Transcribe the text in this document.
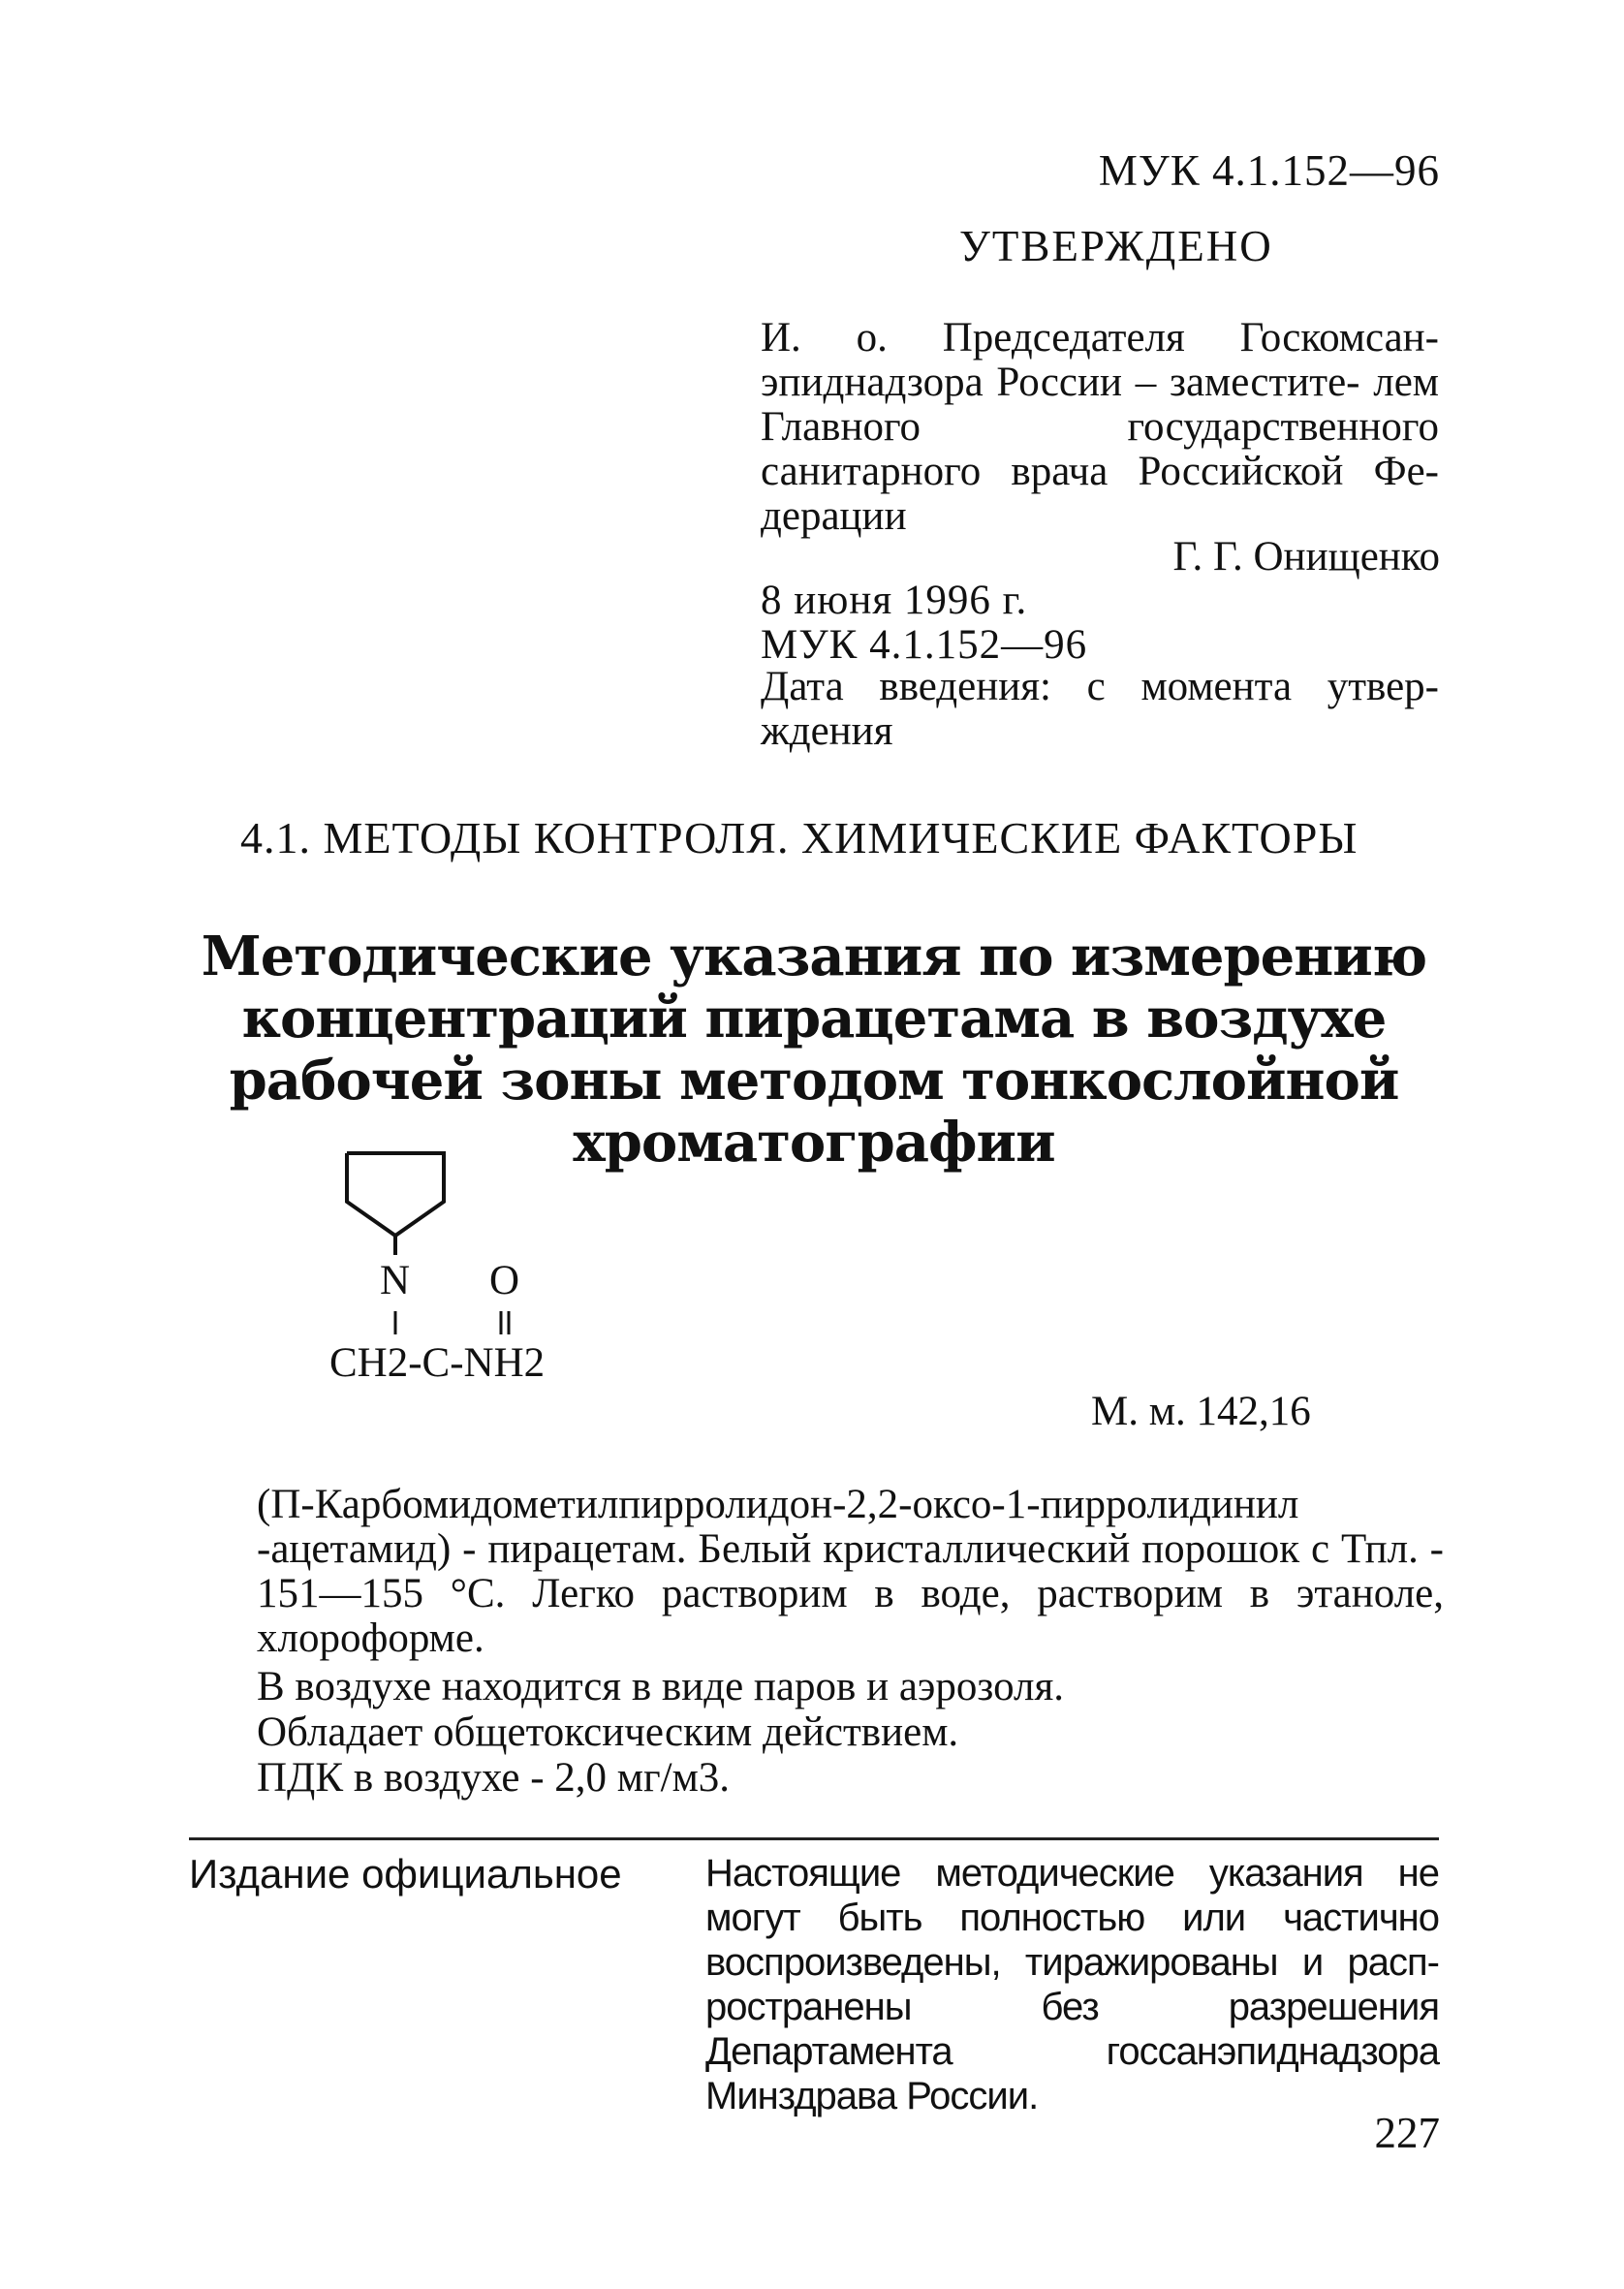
МУК 4.1.152—96
УТВЕРЖДЕНО
И. о. Председателя Госкомсан- эпиднадзора России – заместите- лем Главного государственного санитарного врача Российской Фе- дерации
Г. Г. Онищенко
8 июня 1996 г.
МУК 4.1.152—96
Дата введения: с момента утвер- ждения
4.1. МЕТОДЫ КОНТРОЛЯ. ХИМИЧЕСКИЕ ФАКТОРЫ
Методические указания по измерению концентраций пирацетама в воздухе рабочей зоны методом тонкослойной хроматографии
N O
CH2-C-NH2
М. м. 142,16

(П-Карбомидометилпирролидон-2,2-оксо-1-пирролидинил -ацетамид) - пирацетам. Белый кристаллический порошок с Тпл. - 151—155 °С. Легко растворим в воде, растворим в этаноле, хлороформе.

В воздухе находится в виде паров и аэрозоля.
Обладает общетоксическим действием.
ПДК в воздухе - 2,0 мг/м3.
Издание официальное Настоящие методические указания не могут быть полностью или частично воспроизведены, тиражированы и расп-ространены без разрешения Департамента госсанэпиднадзора Минздрава России.
227
